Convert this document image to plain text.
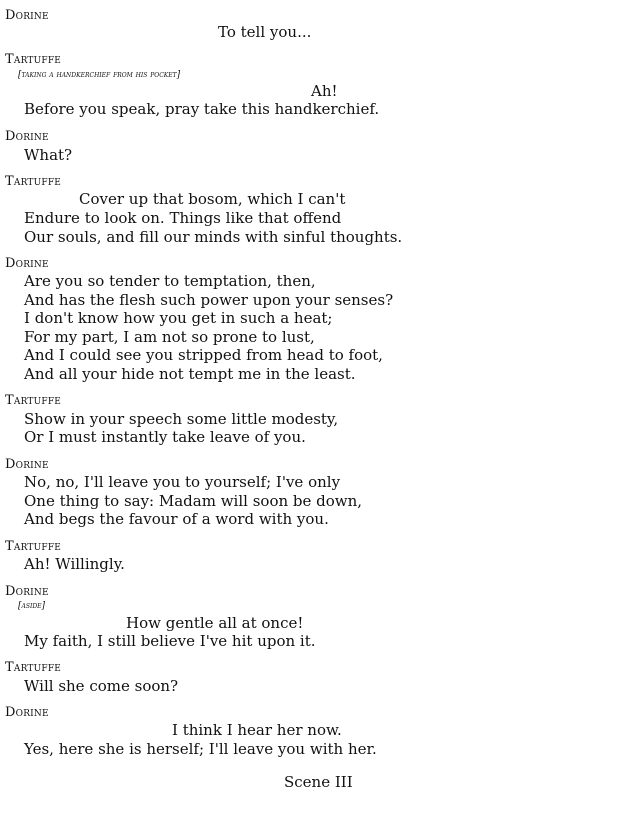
Dorine
To tell you...
Tartuffe
[taking a handkerchief from his pocket]
Ah!
Before you speak, pray take this handkerchief.
Dorine
What?
Tartuffe
Cover up that bosom, which I can't
Endure to look on. Things like that offend
Our souls, and fill our minds with sinful thoughts.
Dorine
Are you so tender to temptation, then,
And has the flesh such power upon your senses?
I don't know how you get in such a heat;
For my part, I am not so prone to lust,
And I could see you stripped from head to foot,
And all your hide not tempt me in the least.
Tartuffe
Show in your speech some little modesty,
Or I must instantly take leave of you.
Dorine
No, no, I'll leave you to yourself; I've only
One thing to say: Madam will soon be down,
And begs the favour of a word with you.
Tartuffe
Ah! Willingly.
Dorine
[aside]
How gentle all at once!
My faith, I still believe I've hit upon it.
Tartuffe
Will she come soon?
Dorine
I think I hear her now.
Yes, here she is herself; I'll leave you with her.
Scene III
